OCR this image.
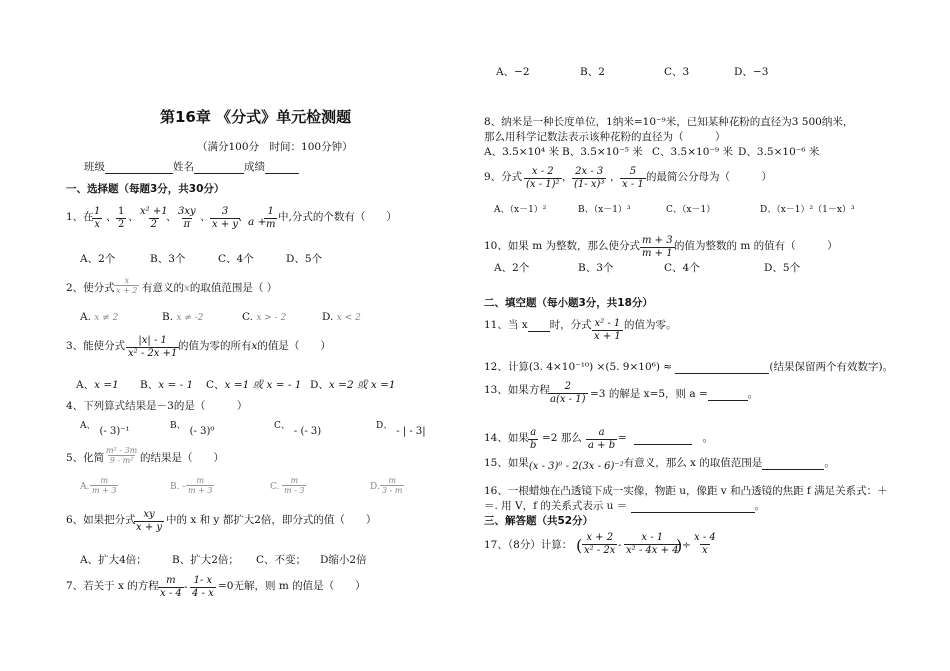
A、−2	B、2	C、3	D、−3
第16章 《分式》单元检测题
（满分100分　时间：100分钟）
班级	姓名	成绩
一、选择题（每题3分，共30分）
1、在
$\frac{1}{x}$ 、 $\frac{1}{2}$ 、 $\frac{\text{x² +1}}{2}$
、 $\frac{3xy}{\pi}$ 、 $\frac{3}{x + y}$
、 a +
$\frac{1}{m}$ 中,分式的个数有（　　）
A、2个	B、3个	C、4个	D、5个
2、使分式 $\frac{x}{x + 2}$ 有意义的x的取值范围是（ ）
A. x ≠ 2	B. x ≠ -2	C. x > - 2	D. x < 2
3、能使分式 $\frac{|x| - 1}{\text{x² - 2x +1}}$
的值为零的所有x的值是（　　）
A、x =1 B、x = - 1 C、x =1 或 x = - 1 D、x =2 或 x =1
4、下列算式结果是－3的是（　　　）
A、 (- 3)⁻¹	B、 (- 3)⁰	C、 - (- 3)	D、 - | - 3|
5、化简 $\frac{\text{m² - 3m}}{\text{9 - m²}}$ 的结果是（　　）
A. $\frac{m}{m + 3}$	B. - $\frac{m}{m + 3}$	C. $\frac{m}{m - 3}$	D. $\frac{m}{3 - m}$
6、如果把分式
$\frac{xy}{x + y}$ 中的 x 和 y 都扩大2倍，即分式的值（　　）
A、扩大4倍； B、扩大2倍； C、不变； D缩小2倍
7、若关于 x 的方程 $\frac{m}{x - 4} - \frac{1- x}{4 - x} =0$无解，则 m 的值是（　　）
8、纳米是一种长度单位，1纳米=10⁻⁹米，已知某种花粉的直径为3 500纳米，
那么用科学记数法表示该种花粉的直径为（　　　）
A、3.5×10⁴ 米 B、3.5×10⁻⁵ 米 C、3.5×10⁻⁹ 米 D、3.5×10⁻⁶ 米
9、分式 $\frac{x - 2}{\text{(x - 1)²}}$ ， $\frac{2x - 3}{\text{(1- x)³}}$ ， $\frac{5}{x - 1}$ 的最简公分母为（　　　）
A、（x－1）²	B、（x－1）³	C、（x－1）	D、（x－1）²（1－x）³
10、如果 m 为整数，那么使分式 $\frac{m + 3}{m + 1}$ 的值为整数的 m 的值有（　　　）
A、2个	B、3个	C、4个	D、5个
二、填空题（每小题3分，共18分）
11、当 x 时，分式 $\frac{\text{x² - 1}}{x + 1}$ 的值为零。
12、计算(3. 4×10⁻¹⁰) ×(5. 9×10⁶) ≈	(结果保留两个有效数字)。
13、如果方程
$\frac{2}{a(x - 1)} =3$ 的解是 x=5，则 a =	。
14、如果 $\frac{a}{b} =2$ 那么 $\frac{a}{a + b}$ =
　	。
15、如果(x - 3)⁰ - 2(3x - 6)⁻²有意义，那么 x 的取值范围是	。
16、一根蜡烛在凸透镜下成一实像，物距 u，像距 v 和凸透镜的焦距 f 满足关系式：＋
＝. 用 V，f 的关系式表示 u ＝	。
三、解答题（共52分）
17、（8分）计算： ( $\frac{x + 2}{\text{x² - 2x}} - \frac{x - 1}{\text{x² - 4x + 4}}$
) ÷ $\frac{x - 4}{x}$
